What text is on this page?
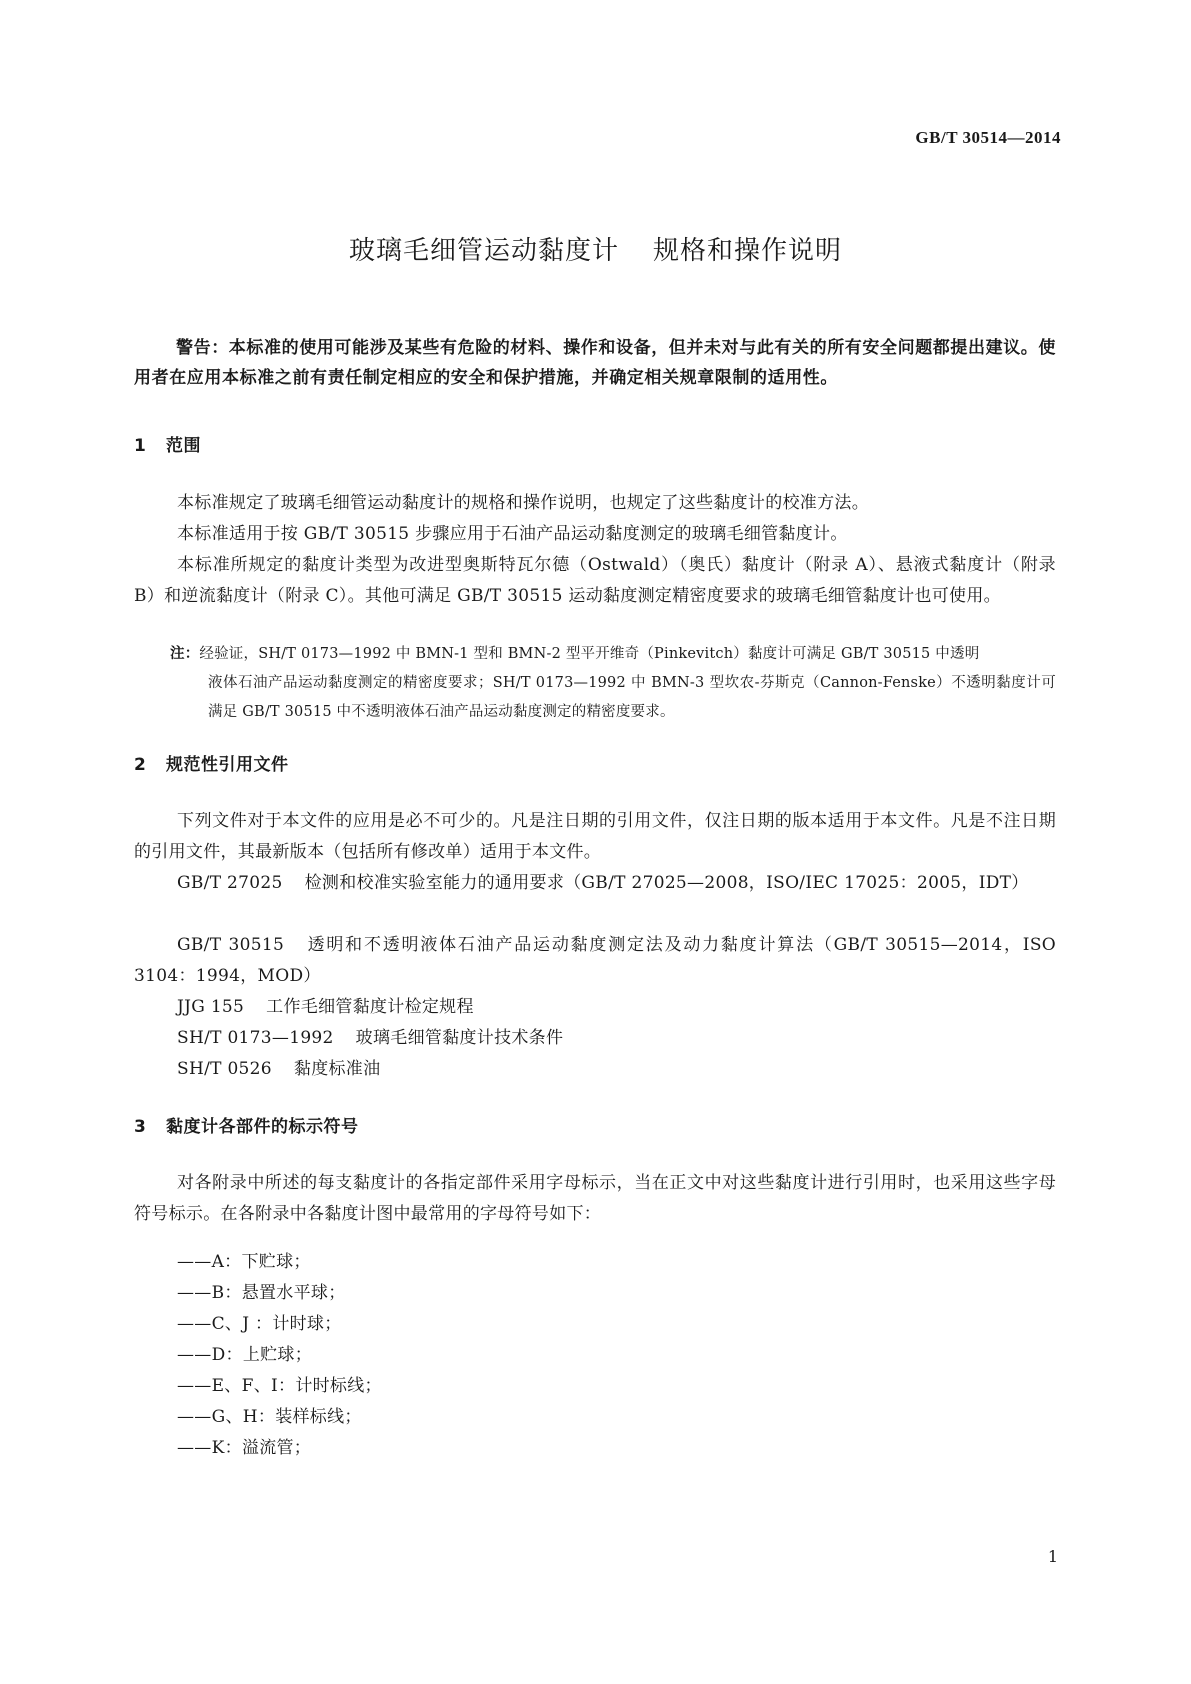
GB/T 30514—2014
玻璃毛细管运动黏度计 规格和操作说明
警告：本标准的使用可能涉及某些有危险的材料、操作和设备，但并未对与此有关的所有安全问题都提出建议。使用者在应用本标准之前有责任制定相应的安全和保护措施，并确定相关规章限制的适用性。
1 范围
本标准规定了玻璃毛细管运动黏度计的规格和操作说明，也规定了这些黏度计的校准方法。
本标准适用于按 GB/T 30515 步骤应用于石油产品运动黏度测定的玻璃毛细管黏度计。
本标准所规定的黏度计类型为改进型奥斯特瓦尔德（Ostwald）（奥氏）黏度计（附录 A）、悬液式黏度计（附录 B）和逆流黏度计（附录 C）。其他可满足 GB/T 30515 运动黏度测定精密度要求的玻璃毛细管黏度计也可使用。
注：经验证，SH/T 0173—1992 中 BMN-1 型和 BMN-2 型平开维奇（Pinkevitch）黏度计可满足 GB/T 30515 中透明
液体石油产品运动黏度测定的精密度要求；SH/T 0173—1992 中 BMN-3 型坎农-芬斯克（Cannon-Fenske）不透明黏度计可满足 GB/T 30515 中不透明液体石油产品运动黏度测定的精密度要求。
2 规范性引用文件
下列文件对于本文件的应用是必不可少的。凡是注日期的引用文件，仅注日期的版本适用于本文件。凡是不注日期的引用文件，其最新版本（包括所有修改单）适用于本文件。
GB/T 27025 检测和校准实验室能力的通用要求（GB/T 27025—2008，ISO/IEC 17025：2005，IDT）
GB/T 30515 透明和不透明液体石油产品运动黏度测定法及动力黏度计算法（GB/T 30515—2014，ISO 3104：1994，MOD）
JJG 155 工作毛细管黏度计检定规程
SH/T 0173—1992 玻璃毛细管黏度计技术条件
SH/T 0526 黏度标准油
3 黏度计各部件的标示符号
对各附录中所述的每支黏度计的各指定部件采用字母标示，当在正文中对这些黏度计进行引用时，也采用这些字母符号标示。在各附录中各黏度计图中最常用的字母符号如下：
——A：下贮球；
——B：悬置水平球；
——C、J ：计时球；
——D：上贮球；
——E、F、I：计时标线；
——G、H：装样标线；
——K：溢流管；
1
